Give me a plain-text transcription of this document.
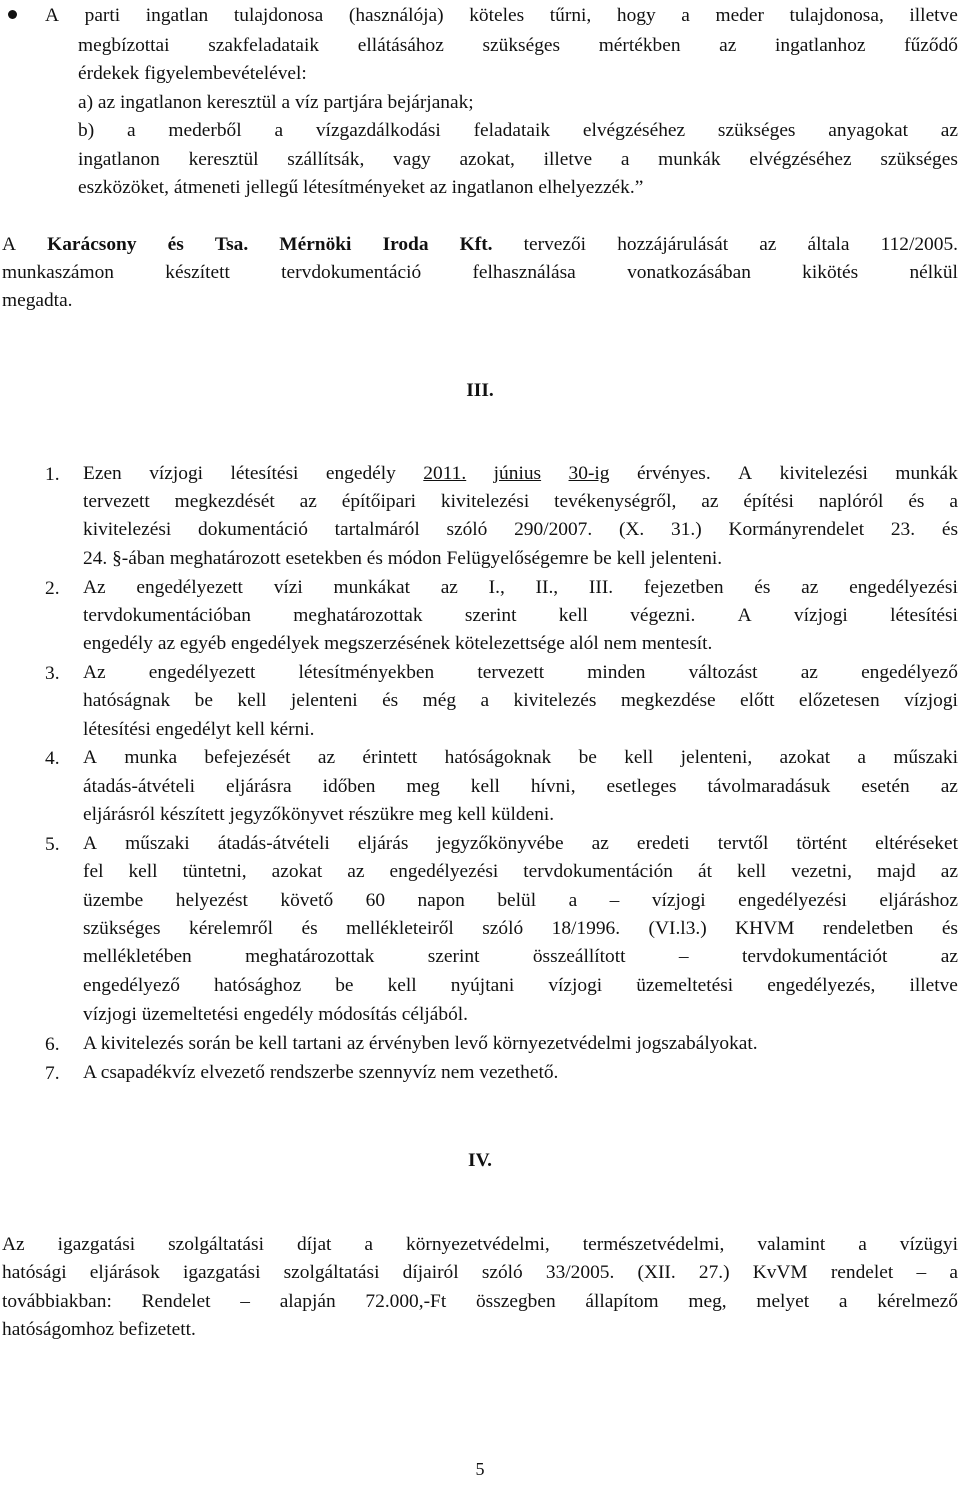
A parti ingatlan tulajdonosa (használója) köteles tűrni, hogy a meder tulajdonosa, illetve
megbízottai szakfeladataik ellátásához szükséges mértékben az ingatlanhoz fűződő
érdekek figyelembevételével:
a) az ingatlanon keresztül a víz partjára bejárjanak;
b) a mederből a vízgazdálkodási feladataik elvégzéséhez szükséges anyagokat az
ingatlanon keresztül szállítsák, vagy azokat, illetve a munkák elvégzéséhez szükséges
eszközöket, átmeneti jellegű létesítményeket az ingatlanon elhelyezzék.”
A Karácsony és Tsa. Mérnöki Iroda Kft. tervezői hozzájárulását az általa 112/2005.
munkaszámon	készített	tervdokumentáció	felhasználása	vonatkozásában	kikötés	nélkül
megadta.
III.
1. Ezen vízjogi létesítési engedély 2011. június 30-ig érvényes. A kivitelezési munkák
tervezett megkezdését az építőipari kivitelezési tevékenységről, az építési naplóról és a
kivitelezési dokumentáció tartalmáról szóló 290/2007. (X. 31.) Kormányrendelet 23. és
24. §-ában meghatározott esetekben és módon Felügyelőségemre be kell jelenteni.
2. Az engedélyezett vízi munkákat az I., II., III. fejezetben és az engedélyezési
tervdokumentációban meghatározottak szerint kell végezni. A vízjogi létesítési
engedély az egyéb engedélyek megszerzésének kötelezettsége alól nem mentesít.
3. Az engedélyezett létesítményekben tervezett minden változást az engedélyező
hatóságnak be kell jelenteni és még a kivitelezés megkezdése előtt előzetesen vízjogi
létesítési engedélyt kell kérni.
4. A munka befejezését az érintett hatóságoknak be kell jelenteni, azokat a műszaki
átadás-átvételi eljárásra időben meg kell hívni, esetleges távolmaradásuk esetén az
eljárásról készített jegyzőkönyvet részükre meg kell küldeni.
5. A műszaki átadás-átvételi eljárás jegyzőkönyvébe az eredeti tervtől történt eltéréseket
fel kell tüntetni, azokat az engedélyezési tervdokumentáción át kell vezetni, majd az
üzembe helyezést követő 60 napon belül a – vízjogi engedélyezési eljáráshoz
szükséges kérelemről és mellékleteiről szóló 18/1996. (VI.l3.) KHVM rendeletben és
mellékletében	meghatározottak	szerint	összeállított	–	tervdokumentációt	az
engedélyező hatósághoz be kell nyújtani vízjogi üzemeltetési engedélyezés, illetve
vízjogi üzemeltetési engedély módosítás céljából.
6. A kivitelezés során be kell tartani az érvényben levő környezetvédelmi jogszabályokat.
7. A csapadékvíz elvezető rendszerbe szennyvíz nem vezethető.
IV.
Az igazgatási szolgáltatási díjat a környezetvédelmi, természetvédelmi, valamint a vízügyi
hatósági eljárások igazgatási szolgáltatási díjairól szóló 33/2005. (XII. 27.) KvVM rendelet – a
továbbiakban: Rendelet – alapján 72.000,-Ft összegben állapítom meg, melyet a kérelmező
hatóságomhoz befizetett.
5
